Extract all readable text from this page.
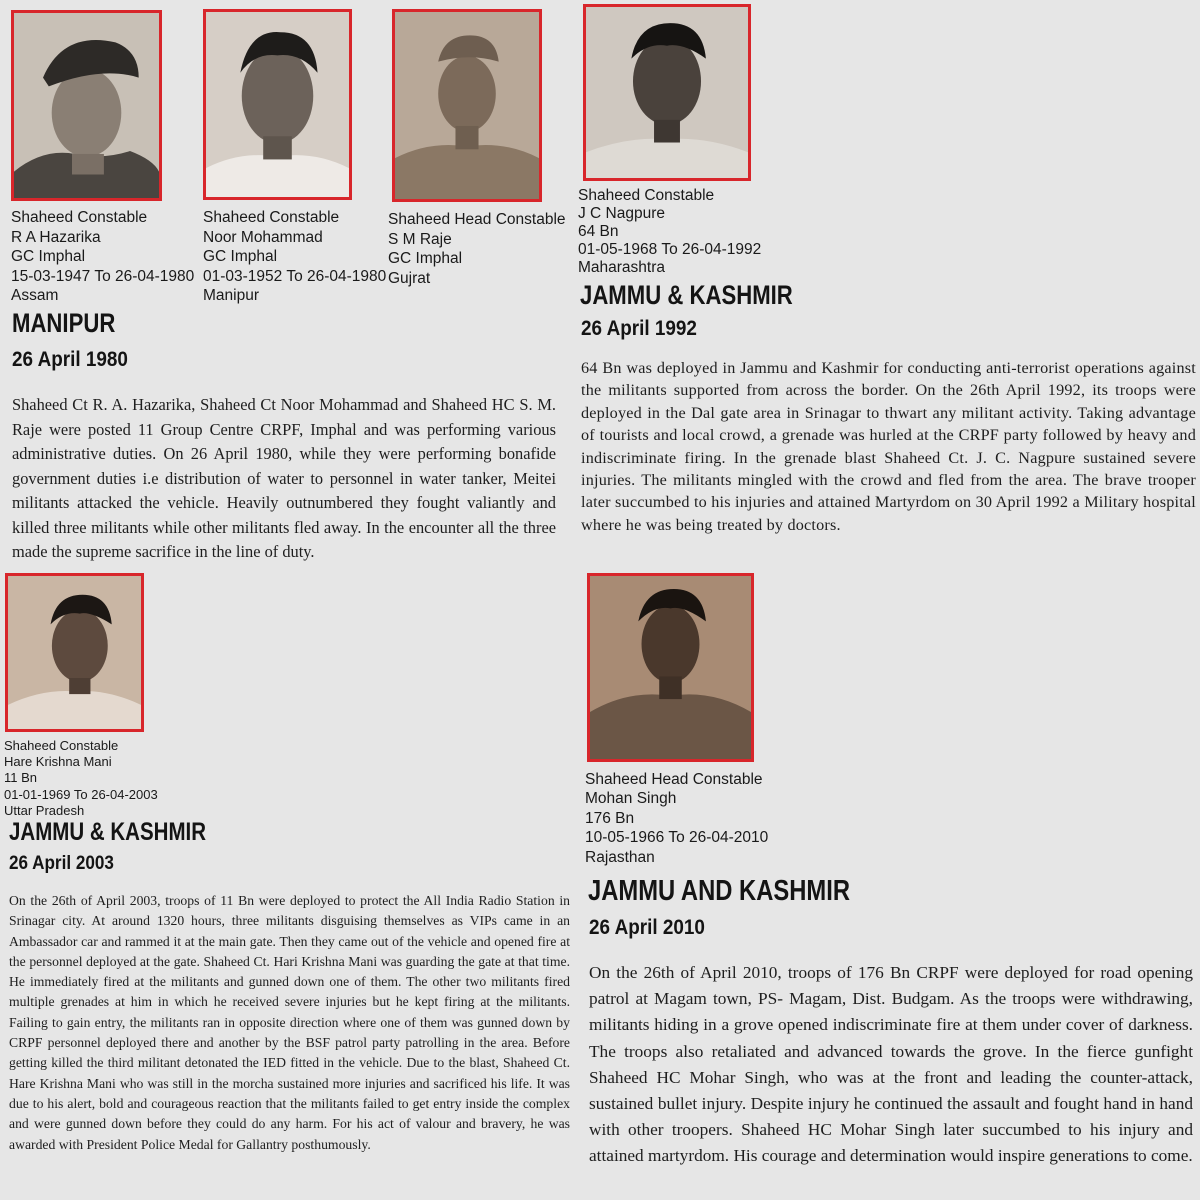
Shaheed Constable
R A Hazarika
GC Imphal
15-03-1947 To 26-04-1980
Assam
Shaheed Constable
Noor Mohammad
GC Imphal
01-03-1952 To 26-04-1980
Manipur
Shaheed Head Constable
S M Raje
GC Imphal
Gujrat
MANIPUR
26 April 1980

Shaheed Ct R. A. Hazarika, Shaheed Ct Noor Mohammad and Shaheed HC S. M. Raje were posted 11 Group Centre CRPF, Imphal and was performing various administrative duties. On 26 April 1980, while they were performing bonafide government duties i.e distribution of water to personnel in water tanker, Meitei militants attacked the vehicle. Heavily outnumbered they fought valiantly and killed three militants while other militants fled away. In the encounter all the three made the supreme sacrifice in the line of duty.

Shaheed Constable
J C Nagpure
64 Bn
01-05-1968 To 26-04-1992
Maharashtra
JAMMU & KASHMIR
26 April 1992

64 Bn was deployed in Jammu and Kashmir for conducting anti-terrorist operations against the militants supported from across the border. On the 26th April 1992, its troops were deployed in the Dal gate area in Srinagar to thwart any militant activity. Taking advantage of tourists and local crowd, a grenade was hurled at the CRPF party followed by heavy and indiscriminate firing. In the grenade blast Shaheed Ct. J. C. Nagpure sustained severe injuries. The militants mingled with the crowd and fled from the area. The brave trooper later succumbed to his injuries and attained Martyrdom on 30 April 1992 a Military hospital where he was being treated by doctors.

Shaheed Constable
Hare Krishna Mani
11 Bn
01-01-1969 To 26-04-2003
Uttar Pradesh
JAMMU & KASHMIR
26 April 2003

On the 26th of April 2003, troops of 11 Bn were deployed to protect the All India Radio Station in Srinagar city. At around 1320 hours, three militants disguising themselves as VIPs came in an Ambassador car and rammed it at the main gate. Then they came out of the vehicle and opened fire at the personnel deployed at the gate. Shaheed Ct. Hari Krishna Mani was guarding the gate at that time. He immediately fired at the militants and gunned down one of them. The other two militants fired multiple grenades at him in which he received severe injuries but he kept firing at the militants. Failing to gain entry, the militants ran in opposite direction where one of them was gunned down by CRPF personnel deployed there and another by the BSF patrol party patrolling in the area. Before getting killed the third militant detonated the IED fitted in the vehicle. Due to the blast, Shaheed Ct. Hare Krishna Mani who was still in the morcha sustained more injuries and sacrificed his life. It was due to his alert, bold and courageous reaction that the militants failed to get entry inside the complex and were gunned down before they could do any harm. For his act of valour and bravery, he was awarded with President Police Medal for Gallantry posthumously.

Shaheed Head Constable
Mohan Singh
176 Bn
10-05-1966 To 26-04-2010
Rajasthan
JAMMU AND KASHMIR
26 April 2010

On the 26th of April 2010, troops of 176 Bn CRPF were deployed for road opening patrol at Magam town, PS- Magam, Dist. Budgam. As the troops were withdrawing, militants hiding in a grove opened indiscriminate fire at them under cover of darkness. The troops also retaliated and advanced towards the grove. In the fierce gunfight Shaheed HC Mohar Singh, who was at the front and leading the counter-attack, sustained bullet injury. Despite injury he continued the assault and fought hand in hand with other troopers. Shaheed HC Mohar Singh later succumbed to his injury and attained martyrdom. His courage and determination would inspire generations to come.
